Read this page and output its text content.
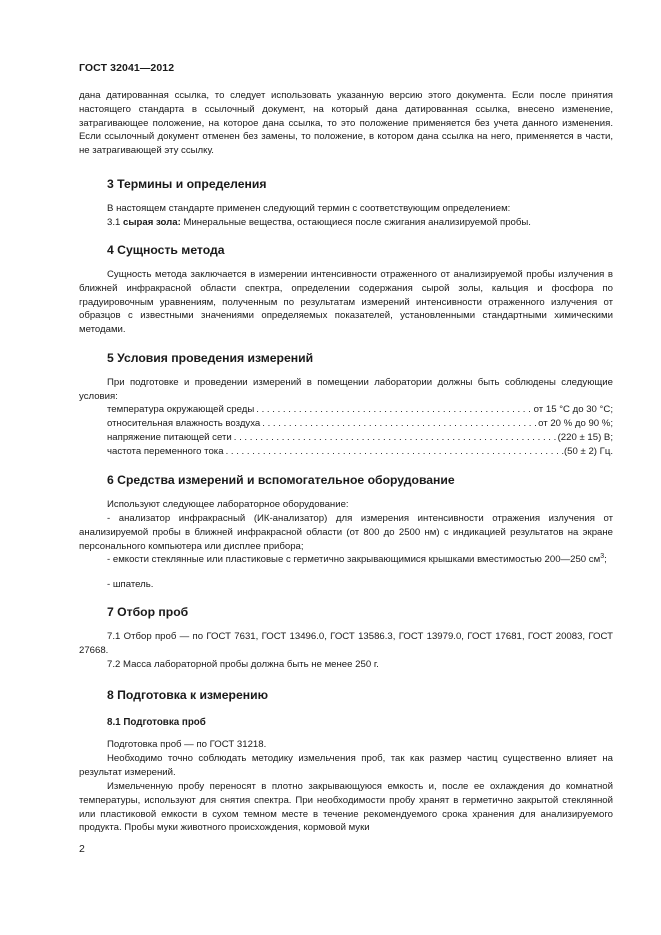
ГОСТ 32041—2012
дана датированная ссылка, то следует использовать указанную версию этого документа. Если после принятия настоящего стандарта в ссылочный документ, на который дана датированная ссылка, внесено изменение, затрагивающее положение, на которое дана ссылка, то это положение применяется без учета данного изменения. Если ссылочный документ отменен без замены, то положение, в котором дана ссылка на него, применяется в части, не затрагивающей эту ссылку.
3 Термины и определения
В настоящем стандарте применен следующий термин с соответствующим определением:
3.1 сырая зола: Минеральные вещества, остающиеся после сжигания анализируемой пробы.
4 Сущность метода
Сущность метода заключается в измерении интенсивности отраженного от анализируемой пробы излучения в ближней инфракрасной области спектра, определении содержания сырой золы, кальция и фосфора по градуировочным уравнениям, полученным по результатам измерений интенсивности отраженного излучения от образцов с известными значениями определяемых показателей, установленными стандартными химическими методами.
5 Условия проведения измерений
При подготовке и проведении измерений в помещении лаборатории должны быть соблюдены следующие условия:
температура окружающей среды . . .	от 15 °С до 30 °С;
относительная влажность воздуха . . .	от 20 % до 90 %;
напряжение питающей сети . . .	(220 ± 15) В;
частота переменного тока . . .	(50 ± 2) Гц.
6 Средства измерений и вспомогательное оборудование
Используют следующее лабораторное оборудование:
- анализатор инфракрасный (ИК-анализатор) для измерения интенсивности отражения излучения от анализируемой пробы в ближней инфракрасной области (от 800 до 2500 нм) с индикацией результатов на экране персонального компьютера или дисплее прибора;
- емкости стеклянные или пластиковые с герметично закрывающимися крышками вместимостью 200—250 $см^3$;
- шпатель.
7 Отбор проб
7.1 Отбор проб — по ГОСТ 7631, ГОСТ 13496.0, ГОСТ 13586.3, ГОСТ 13979.0, ГОСТ 17681, ГОСТ 20083, ГОСТ 27668.
7.2 Масса лабораторной пробы должна быть не менее 250 г.
8 Подготовка к измерению
8.1 Подготовка проб
Подготовка проб — по ГОСТ 31218.
Необходимо точно соблюдать методику измельчения проб, так как размер частиц существенно влияет на результат измерений.
Измельченную пробу переносят в плотно закрывающуюся емкость и, после ее охлаждения до комнатной температуры, используют для снятия спектра. При необходимости пробу хранят в герметично закрытой стеклянной или пластиковой емкости в сухом темном месте в течение рекомендуемого срока хранения для анализируемого продукта. Пробы муки животного происхождения, кормовой муки
2
